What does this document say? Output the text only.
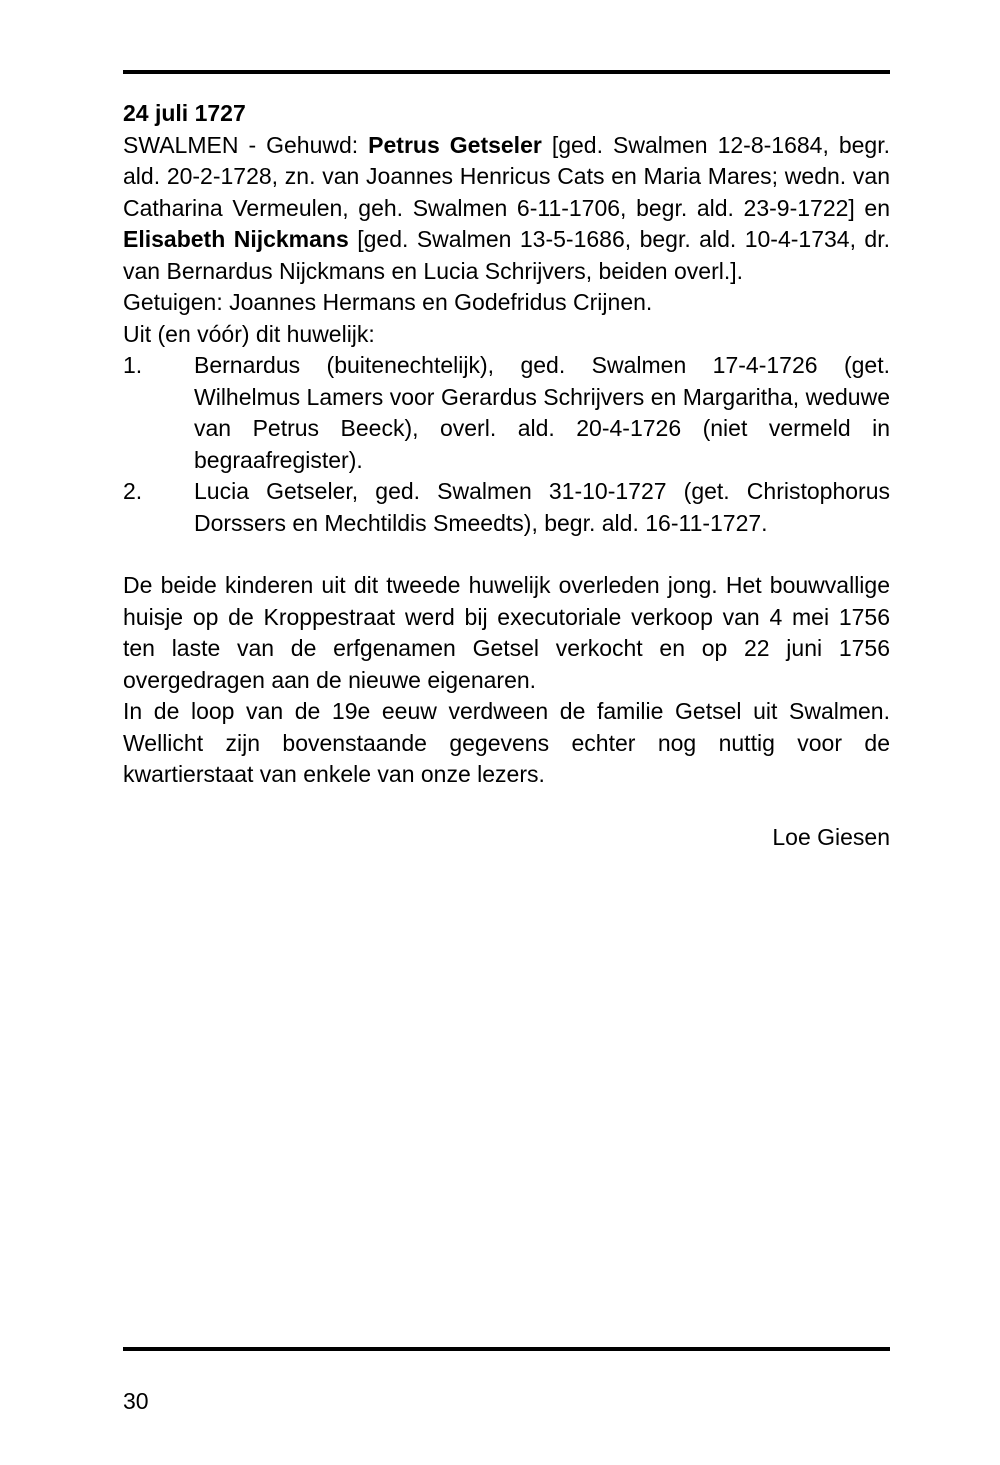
24 juli 1727
SWALMEN - Gehuwd: Petrus Getseler [ged. Swalmen 12-8-1684, begr. ald. 20-2-1728, zn. van Joannes Henricus Cats en Maria Mares; wedn. van Catharina Vermeulen, geh. Swalmen 6-11-1706, begr. ald. 23-9-1722] en Elisabeth Nijckmans [ged. Swalmen 13-5-1686, begr. ald. 10-4-1734, dr. van Bernardus Nijckmans en Lucia Schrijvers, beiden overl.].
Getuigen: Joannes Hermans en Godefridus Crijnen.
Uit (en vóór) dit huwelijk:
1. Bernardus (buitenechtelijk), ged. Swalmen 17-4-1726 (get. Wilhelmus Lamers voor Gerardus Schrijvers en Margaritha, weduwe van Petrus Beeck), overl. ald. 20-4-1726 (niet vermeld in begraafregister).
2. Lucia Getseler, ged. Swalmen 31-10-1727 (get. Christophorus Dorssers en Mechtildis Smeedts), begr. ald. 16-11-1727.
De beide kinderen uit dit tweede huwelijk overleden jong. Het bouwvallige huisje op de Kroppestraat werd bij executoriale verkoop van 4 mei 1756 ten laste van de erfgenamen Getsel verkocht en op 22 juni 1756 overgedragen aan de nieuwe eigenaren.
In de loop van de 19e eeuw verdween de familie Getsel uit Swalmen. Wellicht zijn bovenstaande gegevens echter nog nuttig voor de kwartierstaat van enkele van onze lezers.
Loe Giesen
30
